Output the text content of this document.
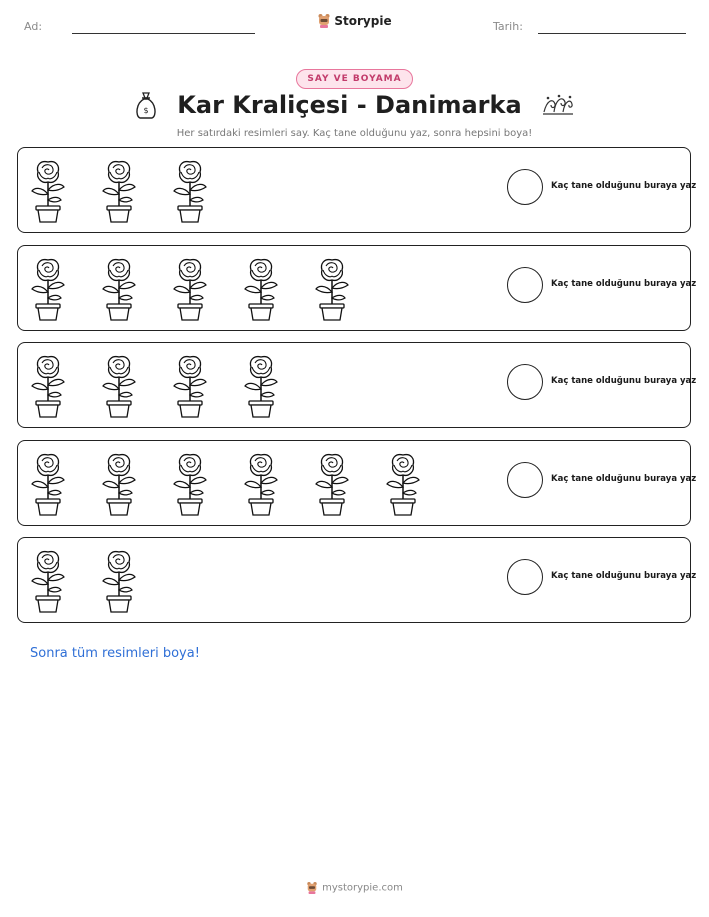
Ad:	Storypie	Tarih:
SAY VE BOYAMA
$ Kar Kraliçesi - Danimarka
Her satırdaki resimleri say. Kaç tane olduğunu yaz, sonra hepsini boya!
Kaç tane olduğunu buraya yaz
Kaç tane olduğunu buraya yaz
Kaç tane olduğunu buraya yaz
Kaç tane olduğunu buraya yaz
Kaç tane olduğunu buraya yaz
Sonra tüm resimleri boya!
mystorypie.com
